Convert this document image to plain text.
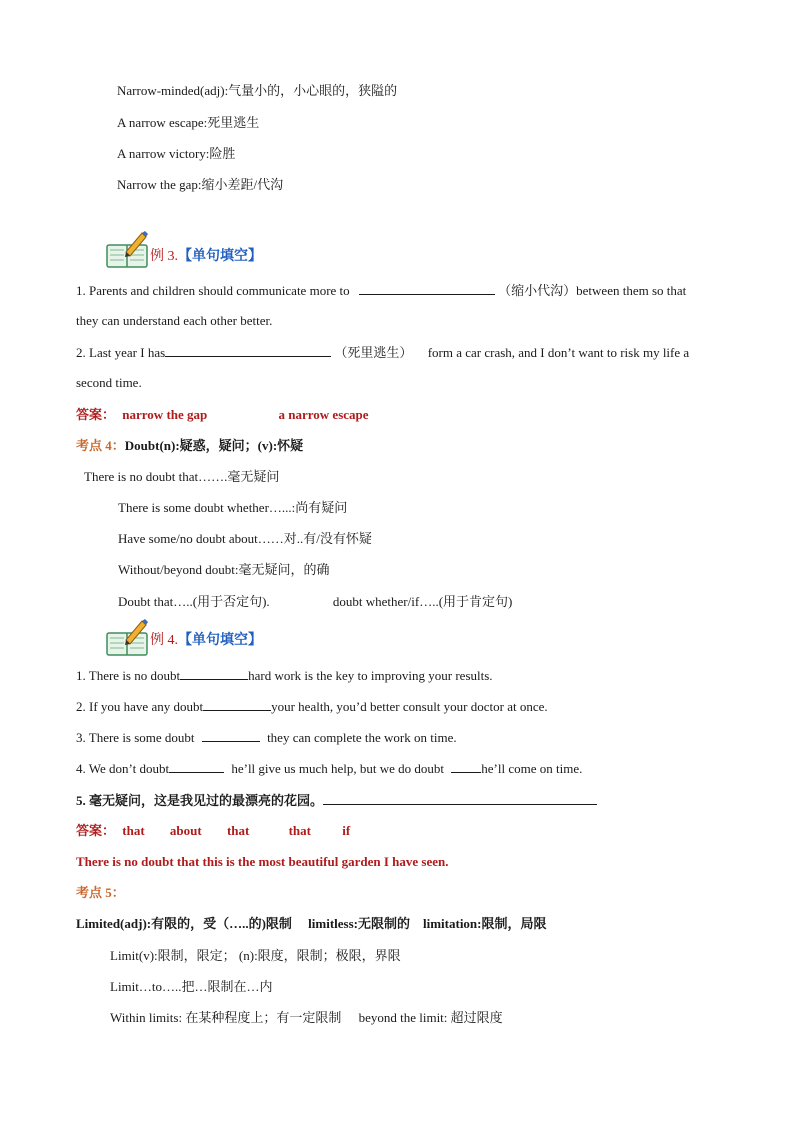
Narrow-minded(adj):气量小的，小心眼的，狭隘的
A narrow escape:死里逃生
A narrow victory:险胜
Narrow the gap:缩小差距/代沟
例 3.【单句填空】
1. Parents and children should communicate more to	（缩小代沟）between them so that
they can understand each other better.
2. Last year I has	（死里逃生） form a car crash, and I don’t want to risk my life a
second time.
答案： narrow the gap	a narrow escape
考点 4：Doubt(n):疑惑，疑问；(v):怀疑
There is no doubt that…….毫无疑问
There is some doubt whether…...:尚有疑问
Have some/no doubt about……对..有/没有怀疑
Without/beyond doubt:毫无疑问，的确
Doubt that…..(用于否定句).	doubt whether/if…..(用于肯定句)
例 4.【单句填空】
1. There is no doubt	hard work is the key to improving your results.
2. If you have any doubt	your health, you’d better consult your doctor at once.
3. There is some doubt	they can complete the work on time.
4. We don’t doubt	he’ll give us much help, but we do doubt	he’ll come on time.
5. 毫无疑问，这是我见过的最漂亮的花园。
答案： that about that	that if
There is no doubt that this is the most beautiful garden I have seen.
考点 5：
Limited(adj):有限的，受（…..的)限制　 limitless:无限制的　limitation:限制，局限
Limit(v):限制，限定； (n):限度，限制；极限，界限
Limit…to…..把…限制在…内
Within limits: 在某种程度上；有一定限制 beyond the limit: 超过限度
